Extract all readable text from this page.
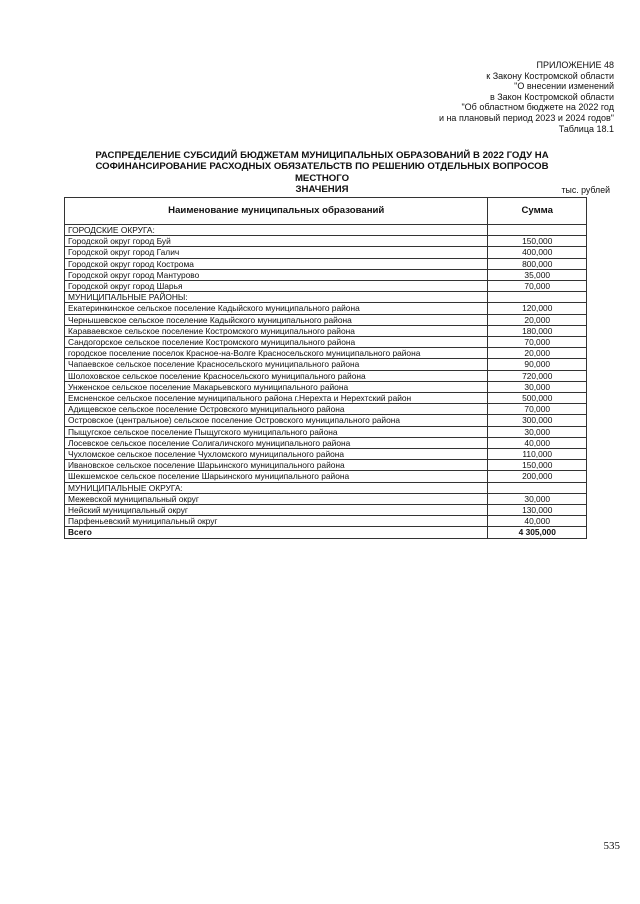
ПРИЛОЖЕНИЕ 48
к Закону Костромской области
"О внесении изменений
в Закон Костромской области
"Об областном бюджете на 2022 год
и на плановый период 2023 и 2024 годов"
Таблица 18.1
РАСПРЕДЕЛЕНИЕ СУБСИДИЙ БЮДЖЕТАМ МУНИЦИПАЛЬНЫХ ОБРАЗОВАНИЙ В 2022 ГОДУ НА
СОФИНАНСИРОВАНИЕ РАСХОДНЫХ ОБЯЗАТЕЛЬСТВ ПО РЕШЕНИЮ ОТДЕЛЬНЫХ ВОПРОСОВ МЕСТНОГО
ЗНАЧЕНИЯ	тыс. рублей
Наименование муниципальных образований	Сумма
ГОРОДСКИЕ ОКРУГА:	
Городской округ город Буй	150,000
Городской округ город Галич	400,000
Городской округ город Кострома	800,000
Городской округ город Мантурово	35,000
Городской округ город Шарья	70,000
МУНИЦИПАЛЬНЫЕ РАЙОНЫ:	
Екатеринкинское сельское поселение Кадыйского муниципального района	120,000
Чернышевское сельское поселение Кадыйского муниципального района	20,000
Караваевское сельское поселение Костромского муниципального района	180,000
Сандогорское сельское поселение Костромского муниципального района	70,000
городское поселение поселок Красное-на-Волге Красносельского муниципального района	20,000
Чапаевское сельское поселение Красносельского муниципального района	90,000
Шолоховское сельское поселение Красносельского муниципального района	720,000
Унженское сельское поселение Макарьевского муниципального района	30,000
Емсненское сельское поселение муниципального района г.Нерехта и Нерехтский район	500,000
Адищевское сельское поселение Островского муниципального района	70,000
Островское (центральное) сельское поселение Островского муниципального района	300,000
Пыщугское сельское поселение Пыщугского муниципального района	30,000
Лосевское сельское поселение Солигаличского муниципального района	40,000
Чухломское сельское поселение Чухломского муниципального района	110,000
Ивановское сельское поселение Шарьинского муниципального района	150,000
Шекшемское сельское поселение Шарьинского муниципального района	200,000
МУНИЦИПАЛЬНЫЕ ОКРУГА:	
Межевской муниципальный округ	30,000
Нейский муниципальный округ	130,000
Парфеньевский муниципальный округ	40,000
Всего	4 305,000
535
